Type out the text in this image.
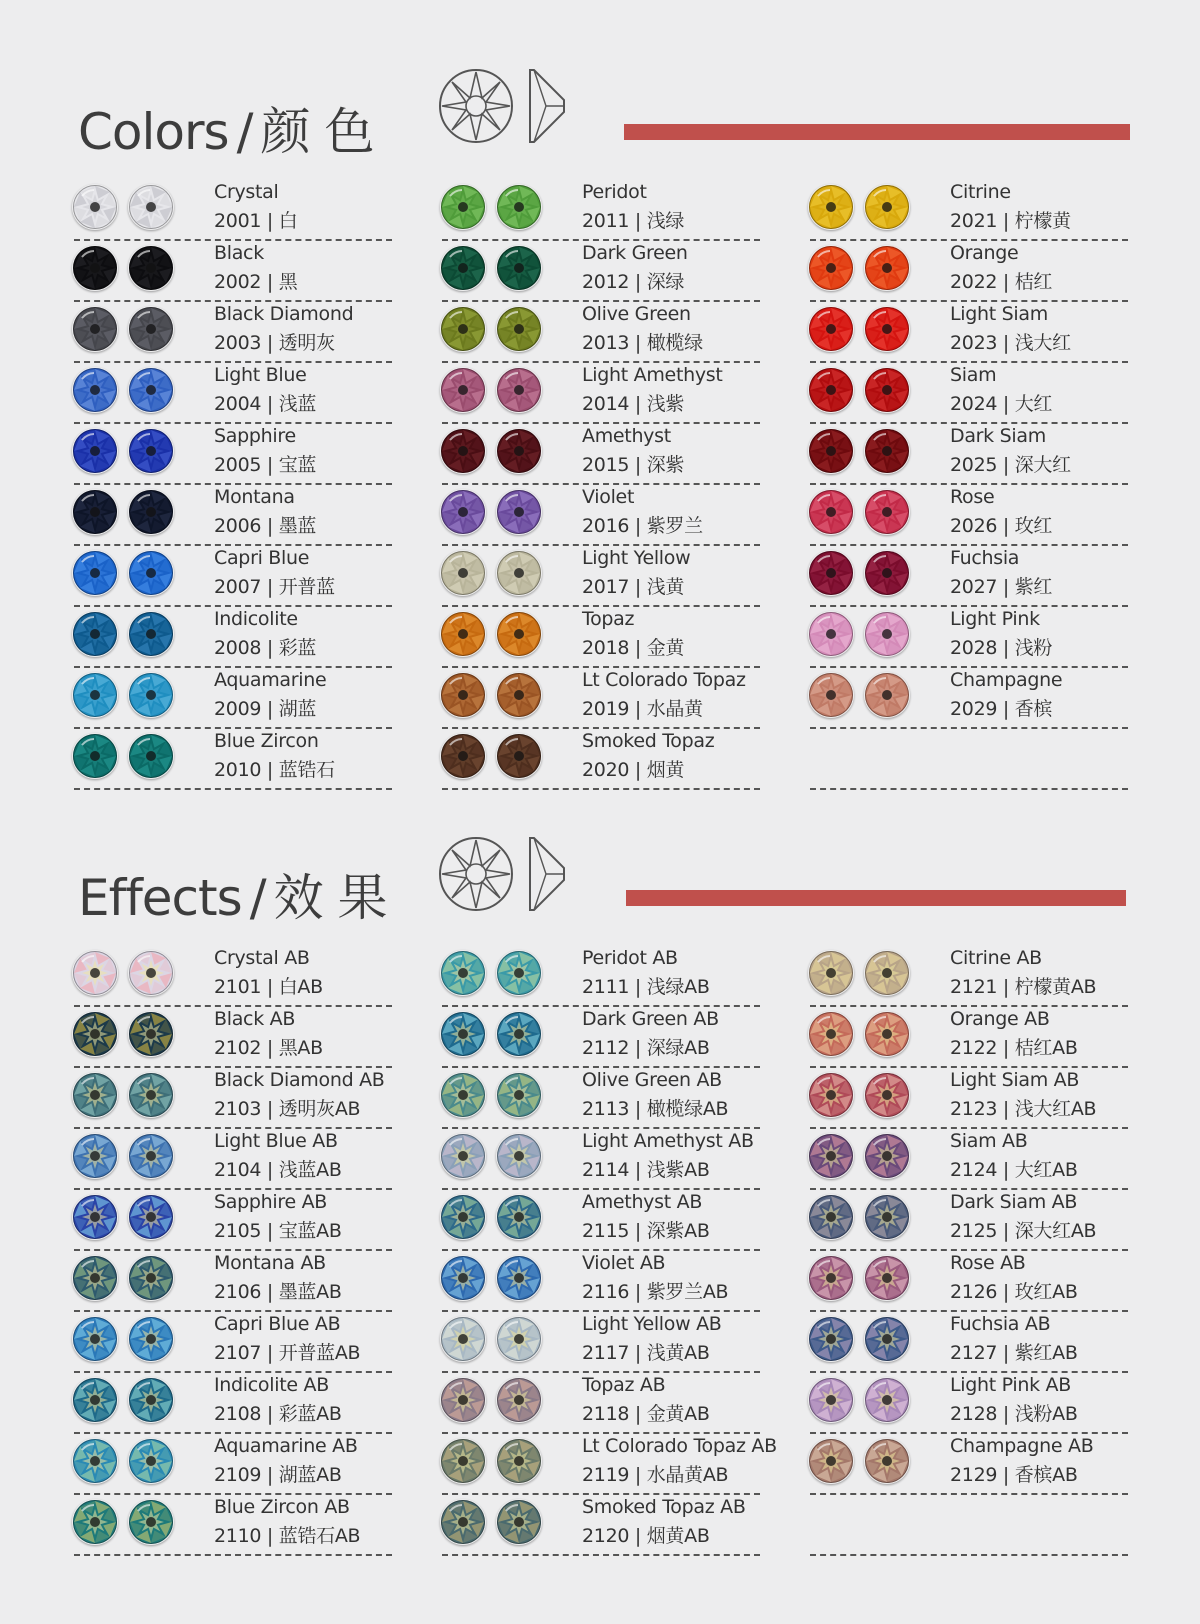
Colors / 颜色
Crystal
2001 | 白
Black
2002 | 黑
Black Diamond
2003 | 透明灰
Light Blue
2004 | 浅蓝
Sapphire
2005 | 宝蓝
Montana
2006 | 墨蓝
Capri Blue
2007 | 开普蓝
Indicolite
2008 | 彩蓝
Aquamarine
2009 | 湖蓝
Blue Zircon
2010 | 蓝锆石
Peridot
2011 | 浅绿
Dark Green
2012 | 深绿
Olive Green
2013 | 橄榄绿
Light Amethyst
2014 | 浅紫
Amethyst
2015 | 深紫
Violet
2016 | 紫罗兰
Light Yellow
2017 | 浅黄
Topaz
2018 | 金黄
Lt Colorado Topaz
2019 | 水晶黄
Smoked Topaz
2020 | 烟黄
Citrine
2021 | 柠檬黄
Orange
2022 | 桔红
Light Siam
2023 | 浅大红
Siam
2024 | 大红
Dark Siam
2025 | 深大红
Rose
2026 | 玫红
Fuchsia
2027 | 紫红
Light Pink
2028 | 浅粉
Champagne
2029 | 香槟
Effects / 效果
Crystal AB
2101 | 白AB
Black AB
2102 | 黑AB
Black Diamond AB
2103 | 透明灰AB
Light Blue AB
2104 | 浅蓝AB
Sapphire AB
2105 | 宝蓝AB
Montana AB
2106 | 墨蓝AB
Capri Blue AB
2107 | 开普蓝AB
Indicolite AB
2108 | 彩蓝AB
Aquamarine AB
2109 | 湖蓝AB
Blue Zircon AB
2110 | 蓝锆石AB
Peridot AB
2111 | 浅绿AB
Dark Green AB
2112 | 深绿AB
Olive Green AB
2113 | 橄榄绿AB
Light Amethyst AB
2114 | 浅紫AB
Amethyst AB
2115 | 深紫AB
Violet AB
2116 | 紫罗兰AB
Light Yellow AB
2117 | 浅黄AB
Topaz AB
2118 | 金黄AB
Lt Colorado Topaz AB
2119 | 水晶黄AB
Smoked Topaz AB
2120 | 烟黄AB
Citrine AB
2121 | 柠檬黄AB
Orange AB
2122 | 桔红AB
Light Siam AB
2123 | 浅大红AB
Siam AB
2124 | 大红AB
Dark Siam AB
2125 | 深大红AB
Rose AB
2126 | 玫红AB
Fuchsia AB
2127 | 紫红AB
Light Pink AB
2128 | 浅粉AB
Champagne AB
2129 | 香槟AB
